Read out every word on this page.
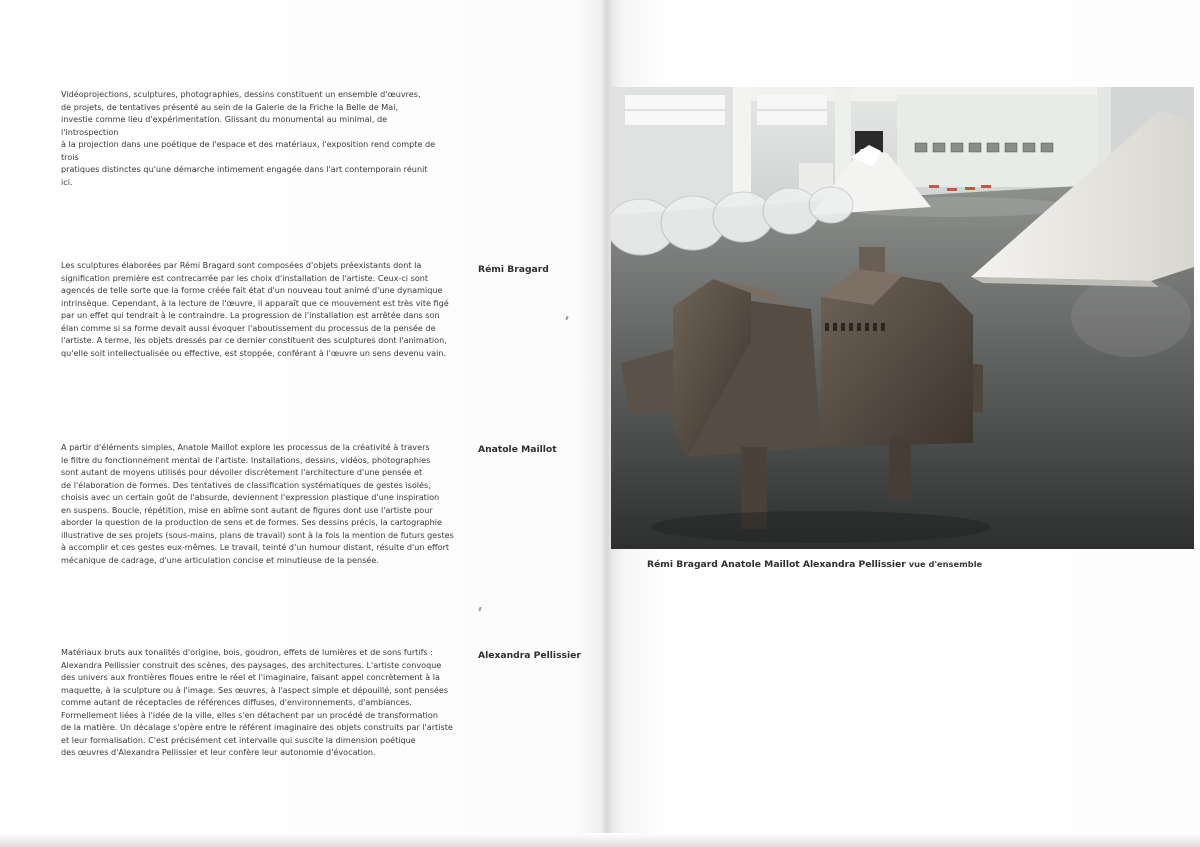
Vidéoprojections, sculptures, photographies, dessins constituent un ensemble d'œuvres,
de projets, de tentatives présenté au sein de la Galerie de la Friche la Belle de Mai,
investie comme lieu d'expérimentation. Glissant du monumental au minimal, de l'introspection
à la projection dans une poétique de l'espace et des matériaux, l'exposition rend compte de trois
pratiques distinctes qu'une démarche intimement engagée dans l'art contemporain réunit ici.
Les sculptures élaborées par Rémi Bragard sont composées d'objets préexistants dont la
signification première est contrecarrée par les choix d'installation de l'artiste. Ceux-ci sont
agencés de telle sorte que la forme créée fait état d'un nouveau tout animé d'une dynamique
intrinsèque. Cependant, à la lecture de l'œuvre, il apparaît que ce mouvement est très vite figé
par un effet qui tendrait à le contraindre. La progression de l'installation est arrêtée dans son
élan comme si sa forme devait aussi évoquer l'aboutissement du processus de la pensée de
l'artiste. A terme, les objets dressés par ce dernier constituent des sculptures dont l'animation,
qu'elle soit intellectualisée ou effective, est stoppée, conférant à l'œuvre un sens devenu vain.
Rémi Bragard
A partir d'éléments simples, Anatole Maillot explore les processus de la créativité à travers
le filtre du fonctionnement mental de l'artiste. Installations, dessins, vidéos, photographies
sont autant de moyens utilisés pour dévoiler discrètement l'architecture d'une pensée et
de l'élaboration de formes. Des tentatives de classification systématiques de gestes isolés,
choisis avec un certain goût de l'absurde, deviennent l'expression plastique d'une inspiration
en suspens. Boucle, répétition, mise en abîme sont autant de figures dont use l'artiste pour
aborder la question de la production de sens et de formes. Ses dessins précis, la cartographie
illustrative de ses projets (sous-mains, plans de travail) sont à la fois la mention de futurs gestes
à accomplir et ces gestes eux-mêmes. Le travail, teinté d'un humour distant, résulte d'un effort
mécanique de cadrage, d'une articulation concise et minutieuse de la pensée.
Anatole Maillot
Matériaux bruts aux tonalités d'origine, bois, goudron, effets de lumières et de sons furtifs :
Alexandra Pellissier construit des scènes, des paysages, des architectures. L'artiste convoque
des univers aux frontières floues entre le réel et l'imaginaire, faisant appel concrètement à la
maquette, à la sculpture ou à l'image. Ses œuvres, à l'aspect simple et dépouillé, sont pensées
comme autant de réceptacles de références diffuses, d'environnements, d'ambiances.
Formellement liées à l'idée de la ville, elles s'en détachent par un procédé de transformation
de la matière. Un décalage s'opère entre le référent imaginaire des objets construits par l'artiste
et leur formalisation. C'est précisément cet intervalle qui suscite la dimension poétique
des œuvres d'Alexandra Pellissier et leur confère leur autonomie d'évocation.
Alexandra Pellissier
Rémi Bragard Anatole Maillot Alexandra Pellissier vue d'ensemble
